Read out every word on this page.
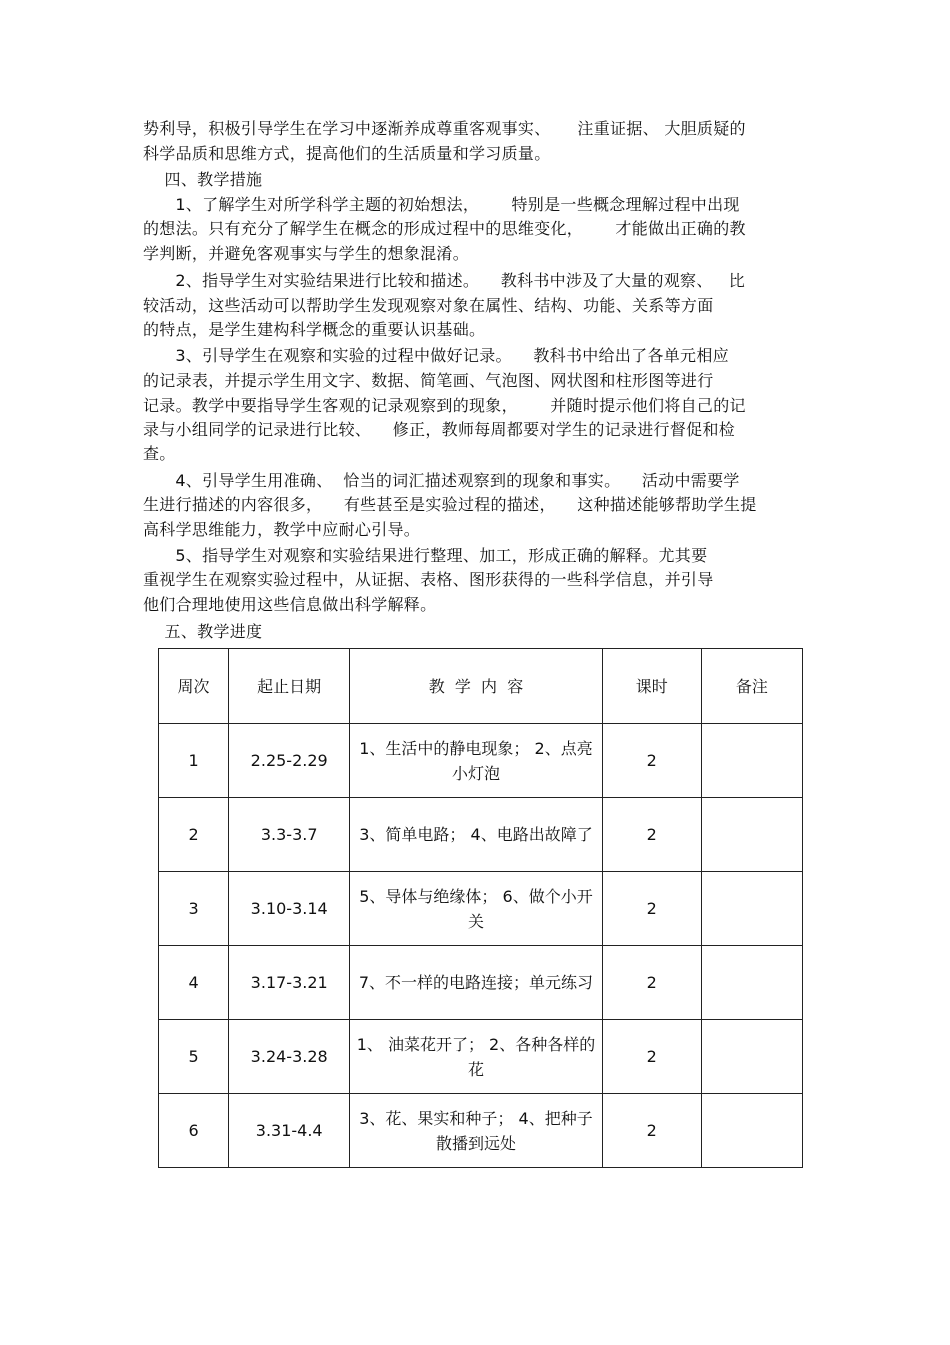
势利导，积极引导学生在学习中逐渐养成尊重客观事实、     注重证据、 大胆质疑的
科学品质和思维方式，提高他们的生活质量和学习质量。
四、教学措施
1、了解学生对所学科学主题的初始想法，      特别是一些概念理解过程中出现
的想法。只有充分了解学生在概念的形成过程中的思维变化，      才能做出正确的教
学判断，并避免客观事实与学生的想象混淆。
2、指导学生对实验结果进行比较和描述。    教科书中涉及了大量的观察、   比
较活动，这些活动可以帮助学生发现观察对象在属性、结构、功能、关系等方面
的特点，是学生建构科学概念的重要认识基础。
3、引导学生在观察和实验的过程中做好记录。    教科书中给出了各单元相应
的记录表，并提示学生用文字、数据、简笔画、气泡图、网状图和柱形图等进行
记录。教学中要指导学生客观的记录观察到的现象，      并随时提示他们将自己的记
录与小组同学的记录进行比较、    修正，教师每周都要对学生的记录进行督促和检
查。
4、引导学生用准确、  恰当的词汇描述观察到的现象和事实。    活动中需要学
生进行描述的内容很多，    有些甚至是实验过程的描述，    这种描述能够帮助学生提
高科学思维能力，教学中应耐心引导。
5、指导学生对观察和实验结果进行整理、加工，形成正确的解释。尤其要
重视学生在观察实验过程中，从证据、表格、图形获得的一些科学信息，并引导
他们合理地使用这些信息做出科学解释。
五、教学进度
周次	起止日期	教  学  内  容	课时	备注
1	2.25-2.29	1、生活中的静电现象； 2、点亮小灯泡	2	
2	3.3-3.7	3、简单电路； 4、电路出故障了	2	
3	3.10-3.14	5、导体与绝缘体； 6、做个小开关	2	
4	3.17-3.21	7、不一样的电路连接；单元练习	2	
5	3.24-3.28	1、 油菜花开了； 2、各种各样的花	2	
6	3.31-4.4	3、花、果实和种子； 4、把种子散播到远处	2	
